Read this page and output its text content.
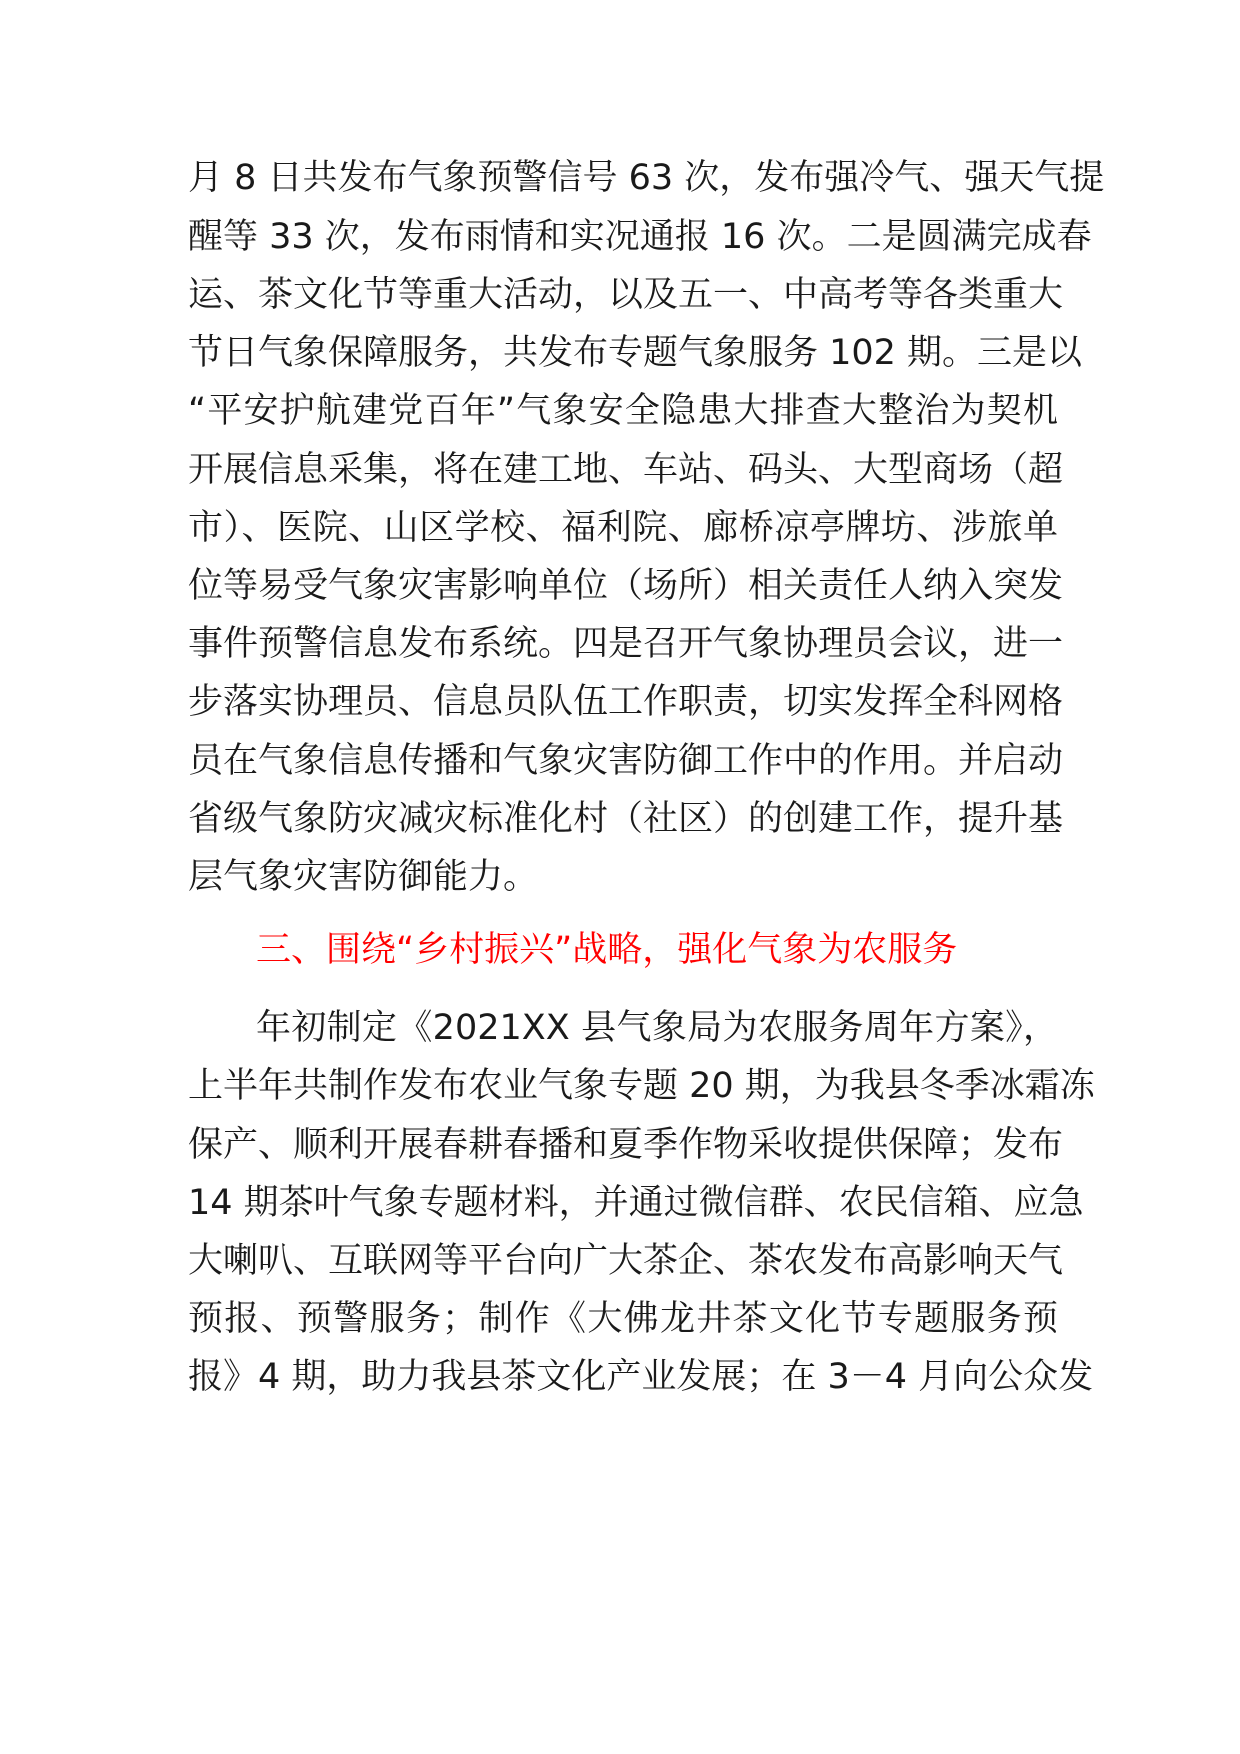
月 8 日共发布气象预警信号 63 次，发布强冷气、强天气提
醒等 33 次，发布雨情和实况通报 16 次。二是圆满完成春
运、茶文化节等重大活动，以及五一、中高考等各类重大
节日气象保障服务，共发布专题气象服务 102 期。三是以
“平安护航建党百年”气象安全隐患大排查大整治为契机
开展信息采集，将在建工地、车站、码头、大型商场（超
市）、医院、山区学校、福利院、廊桥凉亭牌坊、涉旅单
位等易受气象灾害影响单位（场所）相关责任人纳入突发
事件预警信息发布系统。四是召开气象协理员会议，进一
步落实协理员、信息员队伍工作职责，切实发挥全科网格
员在气象信息传播和气象灾害防御工作中的作用。并启动
省级气象防灾减灾标准化村（社区）的创建工作，提升基
层气象灾害防御能力。
三、围绕“乡村振兴”战略，强化气象为农服务
年初制定《2021XX 县气象局为农服务周年方案》，
上半年共制作发布农业气象专题 20 期，为我县冬季冰霜冻
保产、顺利开展春耕春播和夏季作物采收提供保障；发布
14 期茶叶气象专题材料，并通过微信群、农民信箱、应急
大喇叭、互联网等平台向广大茶企、茶农发布高影响天气
预报、预警服务；制作《大佛龙井茶文化节专题服务预
报》4 期，助力我县茶文化产业发展；在 3－4 月向公众发
